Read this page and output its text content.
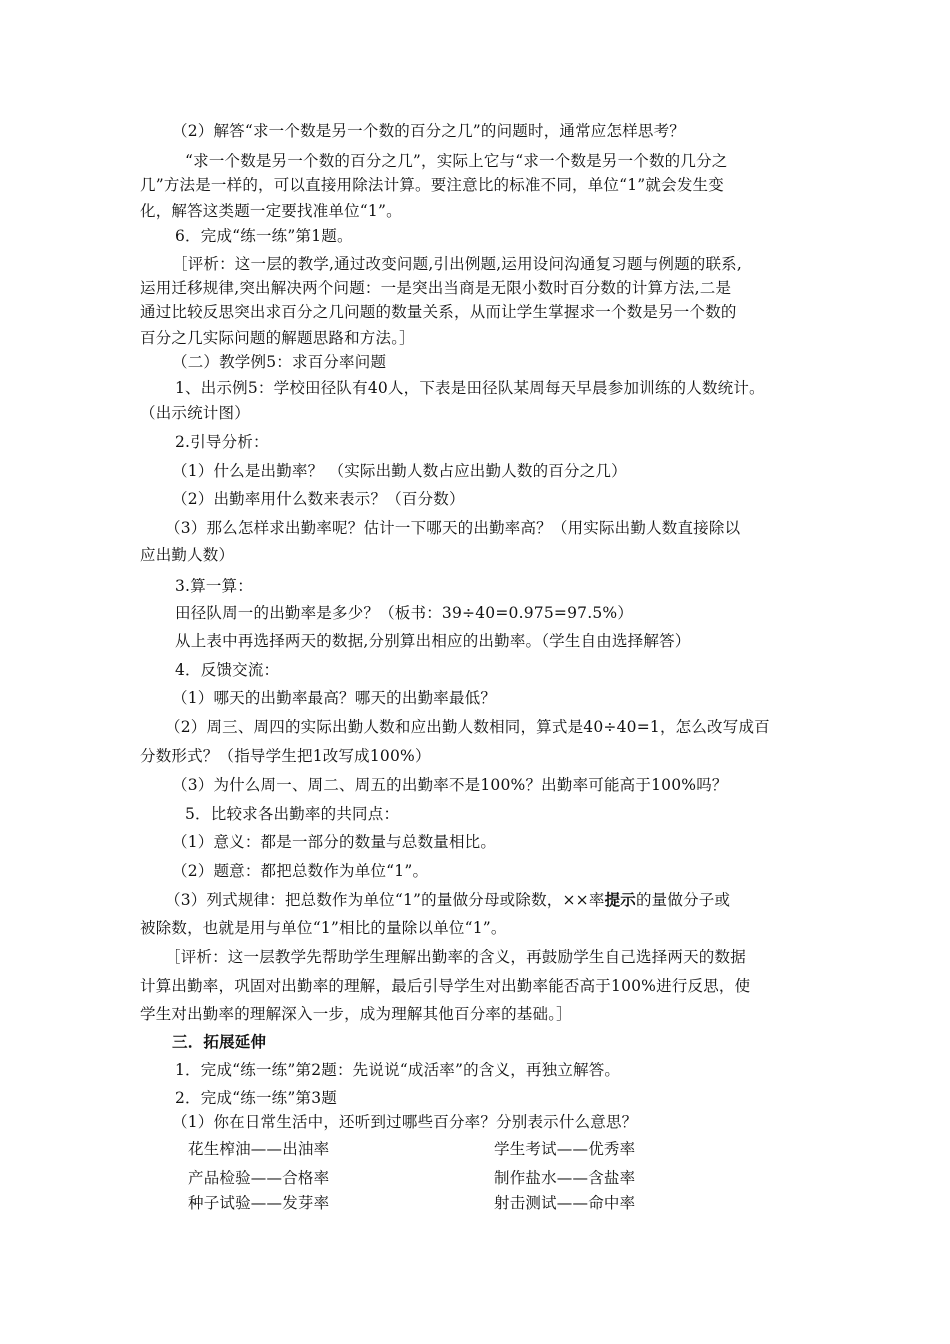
（2）解答“求一个数是另一个数的百分之几”的问题时，通常应怎样思考？
“求一个数是另一个数的百分之几”，实际上它与“求一个数是另一个数的几分之
几”方法是一样的，可以直接用除法计算。要注意比的标准不同，单位“1”就会发生变
化，解答这类题一定要找准单位“1”。
6．完成“练一练”第1题。
［评析：这一层的教学,通过改变问题,引出例题,运用设问沟通复习题与例题的联系,
运用迁移规律,突出解决两个问题：一是突出当商是无限小数时百分数的计算方法,二是
通过比较反思突出求百分之几问题的数量关系，从而让学生掌握求一个数是另一个数的
百分之几实际问题的解题思路和方法。］
（二）教学例5：求百分率问题
1、出示例5：学校田径队有40人，下表是田径队某周每天早晨参加训练的人数统计。
（出示统计图）
2.引导分析：
（1）什么是出勤率？ （实际出勤人数占应出勤人数的百分之几）
（2）出勤率用什么数来表示？（百分数）
（3）那么怎样求出勤率呢？估计一下哪天的出勤率高？（用实际出勤人数直接除以
应出勤人数）
3.算一算：
田径队周一的出勤率是多少？（板书：39÷40=0.975=97.5%）
从上表中再选择两天的数据,分别算出相应的出勤率。（学生自由选择解答）
4．反馈交流：
（1）哪天的出勤率最高？哪天的出勤率最低？
（2）周三、周四的实际出勤人数和应出勤人数相同，算式是40÷40=1，怎么改写成百
分数形式？（指导学生把1改写成100%）
（3）为什么周一、周二、周五的出勤率不是100%？出勤率可能高于100%吗？
5．比较求各出勤率的共同点：
（1）意义：都是一部分的数量与总数量相比。
（2）题意：都把总数作为单位“1”。
（3）列式规律：把总数作为单位“1”的量做分母或除数，××率提示的量做分子或
被除数，也就是用与单位“1”相比的量除以单位“1”。
［评析：这一层教学先帮助学生理解出勤率的含义，再鼓励学生自己选择两天的数据
计算出勤率，巩固对出勤率的理解，最后引导学生对出勤率能否高于100%进行反思，使
学生对出勤率的理解深入一步，成为理解其他百分率的基础。］
三．拓展延伸
1．完成“练一练”第2题：先说说“成活率”的含义，再独立解答。
2．完成“练一练”第3题
（1）你在日常生活中，还听到过哪些百分率？分别表示什么意思？
花生榨油——出油率	学生考试——优秀率
产品检验——合格率	制作盐水——含盐率
种子试验——发芽率	射击测试——命中率
